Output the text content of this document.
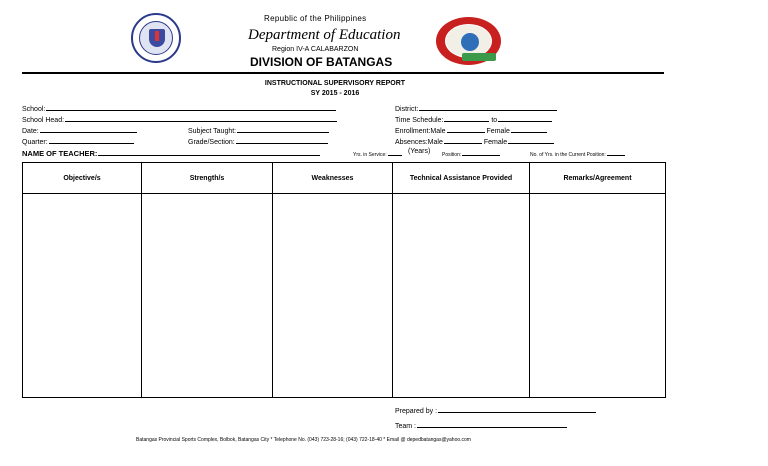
Republic of the Philippines
Department of Education
Region IV-A CALABARZON
DIVISION OF BATANGAS
INSTRUCTIONAL SUPERVISORY REPORT
SY 2015 - 2016
School:
School Head:
Date:
Quarter:
Subject Taught:
Grade/Section:
NAME OF TEACHER:
District:
Time Schedule:	to
Enrollment:Male	Female
Absences:Male	Female
Yrs. in Service:	(Years) Position:	No. of Yrs. in the Current Position:
Objective/s	Strength/s	Weaknesses	Technical Assistance Provided	Remarks/Agreement

Prepared by :
Team :
Batangas Provincial Sports Complex, Bolbok, Batangas City * Telephone No. (043) 723-28-16; (043) 722-18-40 * Email @ depedbatangas@yahoo.com
